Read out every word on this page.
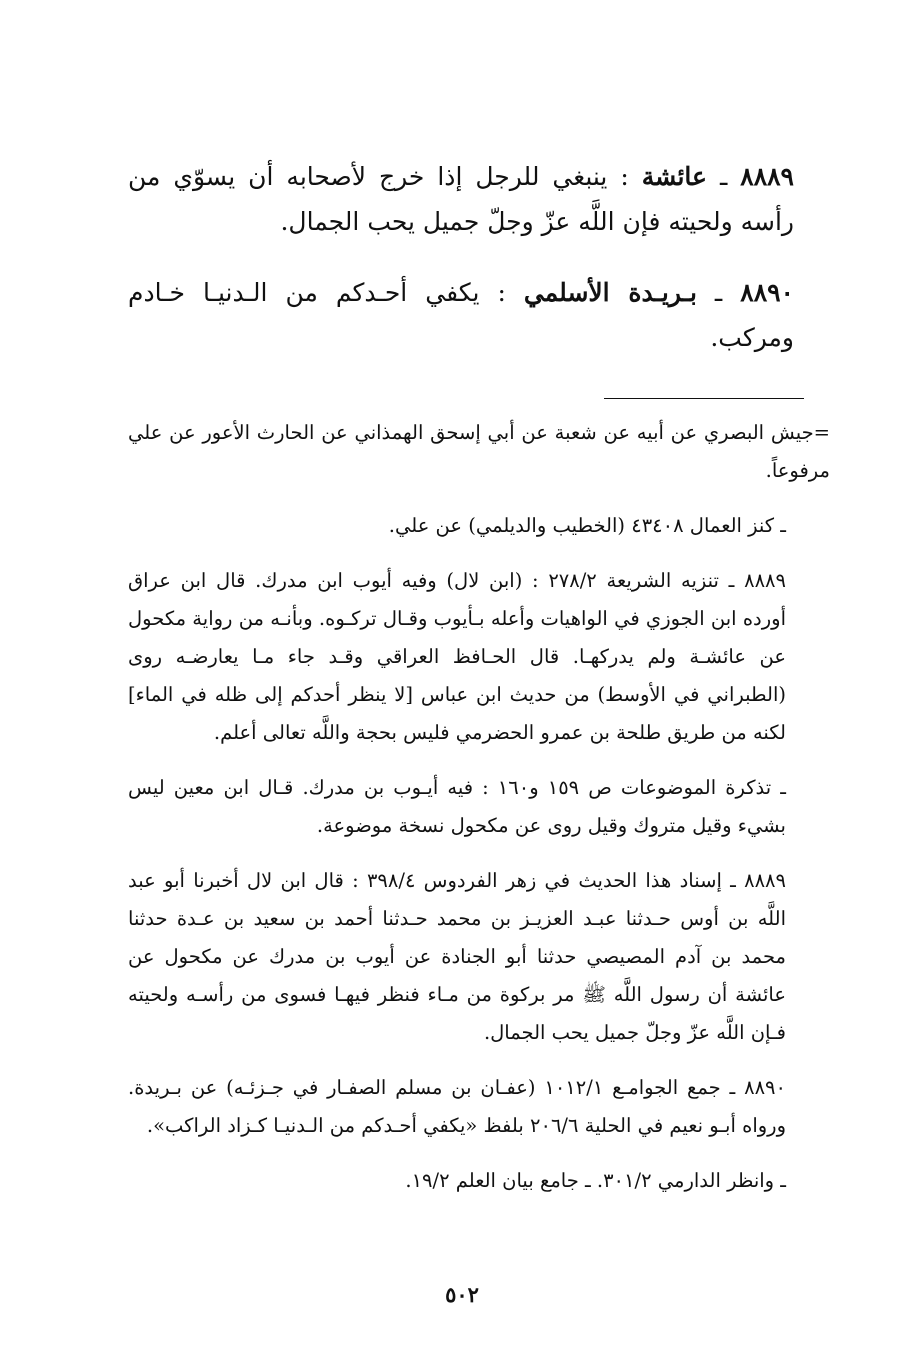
٨٨٨٩ ـ عائشة : ينبغي للرجل إذا خرج لأصحابه أن يسوّي من رأسه ولحيته فإن اللَّه عزّ وجلّ جميل يحب الجمال.
٨٨٩٠ ـ بـريـدة الأسلمي : يكفي أحـدكم من الـدنيـا خـادم ومركب.

=جيش البصري عن أبيه عن شعبة عن أبي إسحق الهمذاني عن الحارث الأعور عن علي مرفوعاً.

ـ كنز العمال ٤٣٤٠٨ (الخطيب والديلمي) عن علي.

٨٨٨٩ ـ تنزيه الشريعة ٢٧٨/٢ : (ابن لال) وفيه أيوب ابن مدرك. قال ابن عراق أورده ابن الجوزي في الواهيات وأعله بـأيوب وقـال تركـوه. وبأنـه من رواية مكحول عن عائشـة ولم يدركهـا. قال الحـافظ العراقي وقـد جاء مـا يعارضـه روى (الطبراني في الأوسط) من حديث ابن عباس [لا ينظر أحدكم إلى ظله في الماء] لكنه من طريق طلحة بن عمرو الحضرمي فليس بحجة واللَّه تعالى أعلم.

ـ تذكرة الموضوعات ص ١٥٩ و١٦٠ : فيه أيـوب بن مدرك. قـال ابن معين ليس بشيء وقيل متروك وقيل روى عن مكحول نسخة موضوعة.

٨٨٨٩ ـ إسناد هذا الحديث في زهر الفردوس ٣٩٨/٤ : قال ابن لال أخبرنا أبو عبد اللَّه بن أوس حـدثنا عبـد العزيـز بن محمد حـدثنا أحمد بن سعيد بن عـدة حدثنا محمد بن آدم المصيصي حدثنا أبو الجنادة عن أيوب بن مدرك عن مكحول عن عائشة أن رسول اللَّه ﷺ مر بركوة من مـاء فنظر فيهـا فسوى من رأسـه ولحيته فـإن اللَّه عزّ وجلّ جميل يحب الجمال.

٨٨٩٠ ـ جمع الجوامـع ١٠١٢/١ (عفـان بن مسلم الصفـار في جـزئـه) عن بـريدة. ورواه أبـو نعيم في الحلية ٢٠٦/٦ بلفظ «يكفي أحـدكم من الـدنيـا كـزاد الراكب».

ـ وانظر الدارمي ٣٠١/٢. ـ جامع بيان العلم ١٩/٢.

٥٠٢
